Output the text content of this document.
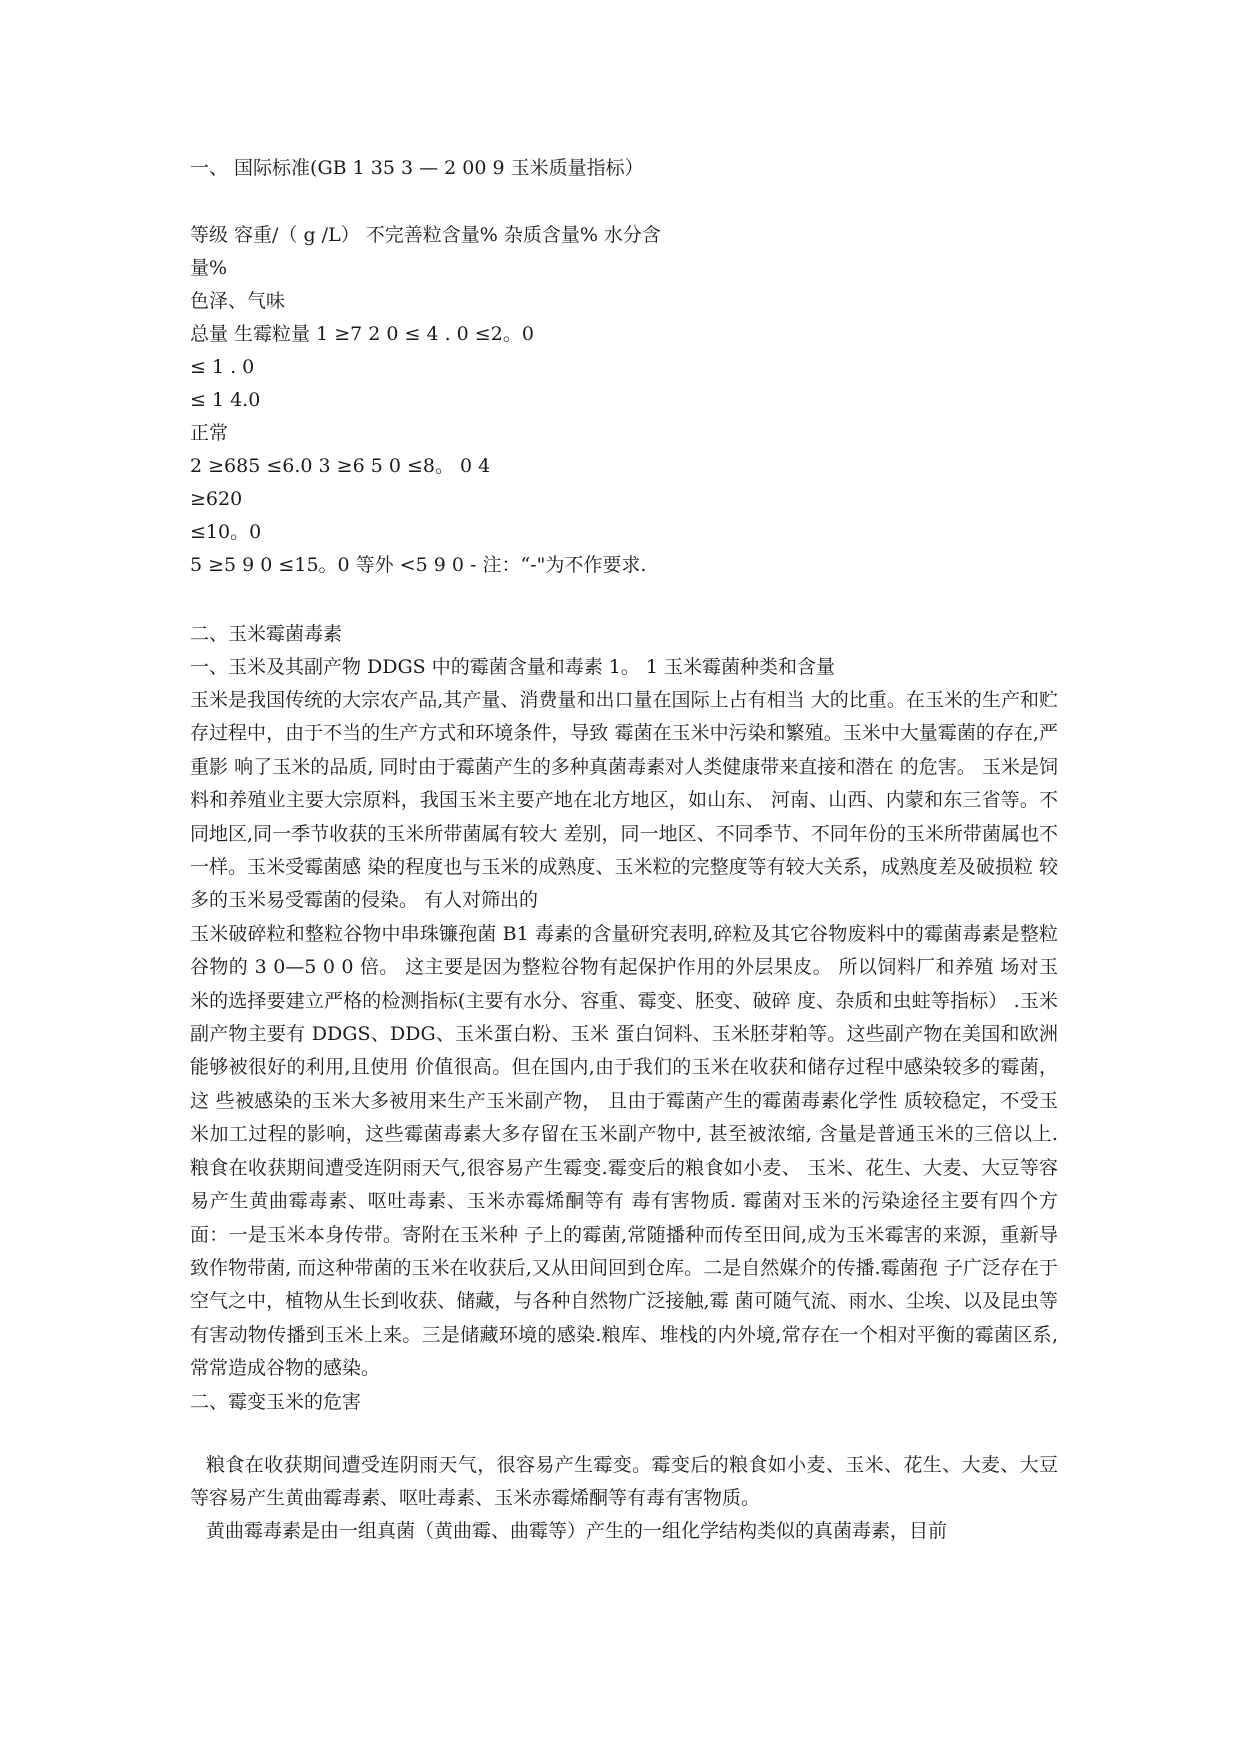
一、 国际标准(GB 1 35 3 — 2 00 9 玉米质量指标）

等级 容重/（ g /L） 不完善粒含量% 杂质含量% 水分含

量%

色泽、气味

总量 生霉粒量 1 ≥7 2 0 ≤ 4 . 0 ≤2。0

≤ 1 . 0

≤ 1 4.0

正常

2 ≥685 ≤6.0 3 ≥6 5 0 ≤8。 0 4

≥620

≤10。0

5 ≥5 9 0 ≤15。0 等外 <5 9 0 - 注：“-"为不作要求.

二、玉米霉菌毒素

一、玉米及其副产物 DDGS 中的霉菌含量和毒素 1。 1 玉米霉菌种类和含量

玉米是我国传统的大宗农产品,其产量、消费量和出口量在国际上占有相当 大的比重。在玉米的生产和贮存过程中，由于不当的生产方式和环境条件，导致 霉菌在玉米中污染和繁殖。玉米中大量霉菌的存在,严重影 响了玉米的品质, 同时由于霉菌产生的多种真菌毒素对人类健康带来直接和潜在 的危害。 玉米是饲料和养殖业主要大宗原料，我国玉米主要产地在北方地区，如山东、 河南、山西、内蒙和东三省等。不同地区,同一季节收获的玉米所带菌属有较大 差别，同一地区、不同季节、不同年份的玉米所带菌属也不一样。玉米受霉菌感 染的程度也与玉米的成熟度、玉米粒的完整度等有较大关系，成熟度差及破损粒 较多的玉米易受霉菌的侵染。 有人对筛出的

玉米破碎粒和整粒谷物中串珠镰孢菌 B1 毒素的含量研究表明,碎粒及其它谷物废料中的霉菌毒素是整粒谷物的 3 0—5 0 0 倍。 这主要是因为整粒谷物有起保护作用的外层果皮。 所以饲料厂和养殖 场对玉米的选择要建立严格的检测指标(主要有水分、容重、霉变、胚变、破碎 度、杂质和虫蛀等指标） .玉米副产物主要有 DDGS、DDG、玉米蛋白粉、玉米 蛋白饲料、玉米胚芽粕等。这些副产物在美国和欧洲能够被很好的利用,且使用 价值很高。但在国内,由于我们的玉米在收获和储存过程中感染较多的霉菌，这 些被感染的玉米大多被用来生产玉米副产物， 且由于霉菌产生的霉菌毒素化学性 质较稳定，不受玉米加工过程的影响，这些霉菌毒素大多存留在玉米副产物中, 甚至被浓缩, 含量是普通玉米的三倍以上. 粮食在收获期间遭受连阴雨天气,很容易产生霉变.霉变后的粮食如小麦、 玉米、花生、大麦、大豆等容易产生黄曲霉毒素、呕吐毒素、玉米赤霉烯酮等有 毒有害物质. 霉菌对玉米的污染途径主要有四个方面：一是玉米本身传带。寄附在玉米种 子上的霉菌,常随播种而传至田间,成为玉米霉害的来源，重新导致作物带菌, 而这种带菌的玉米在收获后,又从田间回到仓库。二是自然媒介的传播.霉菌孢 子广泛存在于空气之中，植物从生长到收获、储藏，与各种自然物广泛接触,霉 菌可随气流、雨水、尘埃、以及昆虫等有害动物传播到玉米上来。三是储藏环境的感染.粮库、堆栈的内外境,常存在一个相对平衡的霉菌区系,常常造成谷物的感染。

二、霉变玉米的危害

粮食在收获期间遭受连阴雨天气，很容易产生霉变。霉变后的粮食如小麦、玉米、花生、大麦、大豆等容易产生黄曲霉毒素、呕吐毒素、玉米赤霉烯酮等有毒有害物质。

黄曲霉毒素是由一组真菌（黄曲霉、曲霉等）产生的一组化学结构类似的真菌毒素，目前
